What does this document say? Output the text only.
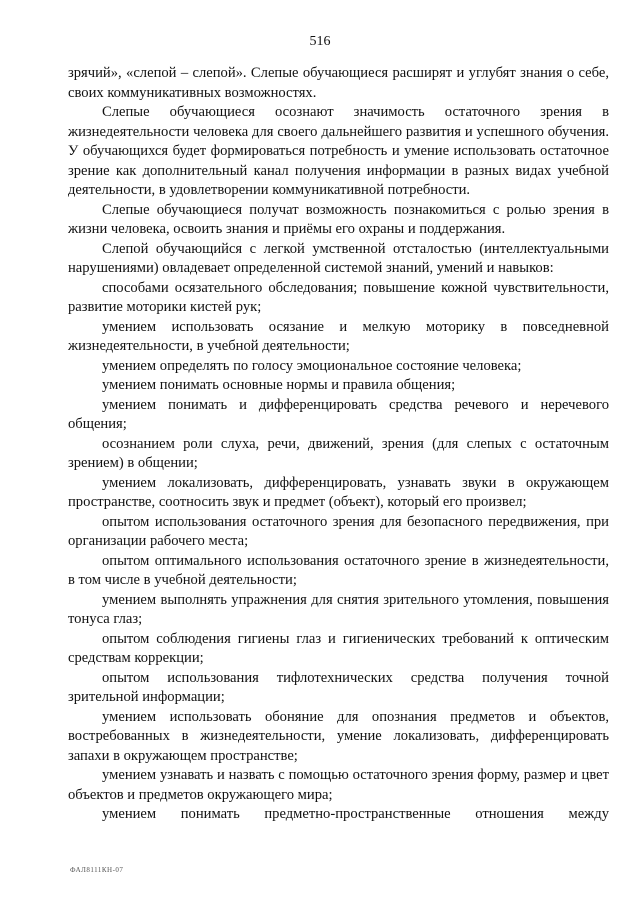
516

зрячий», «слепой – слепой». Слепые обучающиеся расширят и углубят знания о себе, своих коммуникативных возможностях.

Слепые обучающиеся осознают значимость остаточного зрения в жизнедеятельности человека для своего дальнейшего развития и успешного обучения. У обучающихся будет формироваться потребность и умение использовать остаточное зрение как дополнительный канал получения информации в разных видах учебной деятельности, в удовлетворении коммуникативной потребности.

Слепые обучающиеся получат возможность познакомиться с ролью зрения в жизни человека, освоить знания и приёмы его охраны и поддержания.

Слепой обучающийся с легкой умственной отсталостью (интеллектуальными нарушениями) овладевает определенной системой знаний, умений и навыков:

способами осязательного обследования; повышение кожной чувствительности, развитие моторики кистей рук;

умением использовать осязание и мелкую моторику в повседневной жизнедеятельности, в учебной деятельности;

умением определять по голосу эмоциональное состояние человека;

умением понимать основные нормы и правила общения;

умением понимать и дифференцировать средства речевого и неречевого общения;

осознанием роли слуха, речи, движений, зрения (для слепых с остаточным зрением) в общении;

умением локализовать, дифференцировать, узнавать звуки в окружающем пространстве, соотносить звук и предмет (объект), который его произвел;

опытом использования остаточного зрения для безопасного передвижения, при организации рабочего места;

опытом оптимального использования остаточного зрение в жизнедеятельности, в том числе в учебной деятельности;

умением выполнять упражнения для снятия зрительного утомления, повышения тонуса глаз;

опытом соблюдения гигиены глаз и гигиенических требований к оптическим средствам коррекции;

опытом использования тифлотехнических средства получения точной зрительной информации;

умением использовать обоняние для опознания предметов и объектов, востребованных в жизнедеятельности, умение локализовать, дифференцировать запахи в окружающем пространстве;

умением узнавать и назвать с помощью остаточного зрения форму, размер и цвет объектов и предметов окружающего мира;

умением понимать предметно-пространственные отношения между

ФАЛ8111КН-07
